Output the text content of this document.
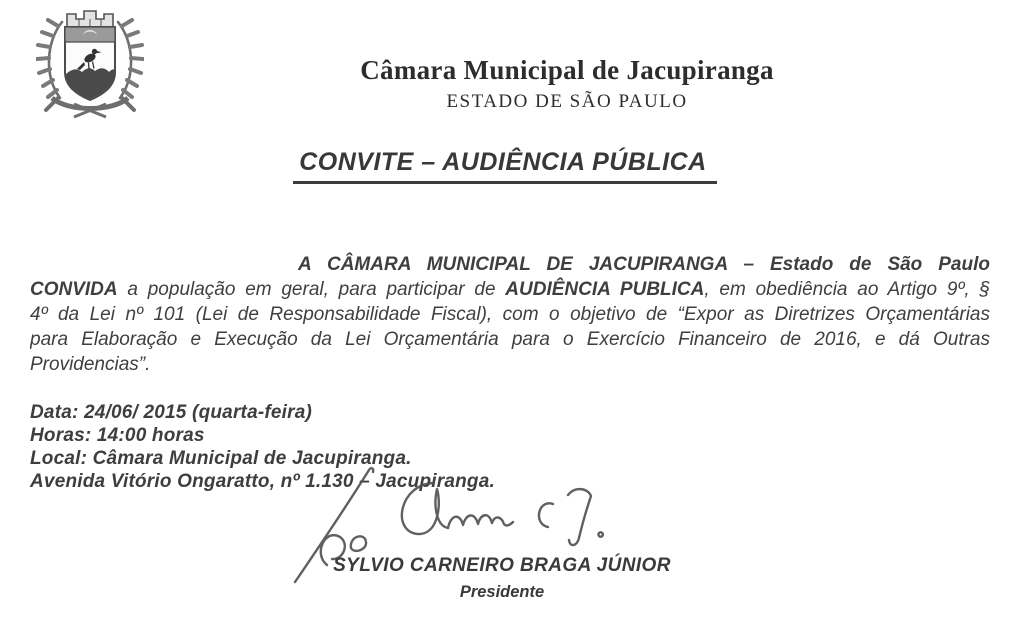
Câmara Municipal de Jacupiranga
ESTADO DE SÃO PAULO
CONVITE – AUDIÊNCIA PÚBLICA
A CÂMARA MUNICIPAL DE JACUPIRANGA – Estado de São Paulo
CONVIDA a população em geral, para participar de AUDIÊNCIA PUBLICA, em obediência ao Artigo 9º, §
4º da Lei nº 101 (Lei de Responsabilidade Fiscal), com o objetivo de “Expor as Diretrizes Orçamentárias
para Elaboração e Execução da Lei Orçamentária para o Exercício Financeiro de 2016, e dá Outras
Providencias”.
Data: 24/06/ 2015 (quarta-feira)
Horas: 14:00 horas
Local: Câmara Municipal de Jacupiranga.
Avenida Vitório Ongaratto, nº 1.130 – Jacupiranga.
SYLVIO CARNEIRO BRAGA JÚNIOR
Presidente
